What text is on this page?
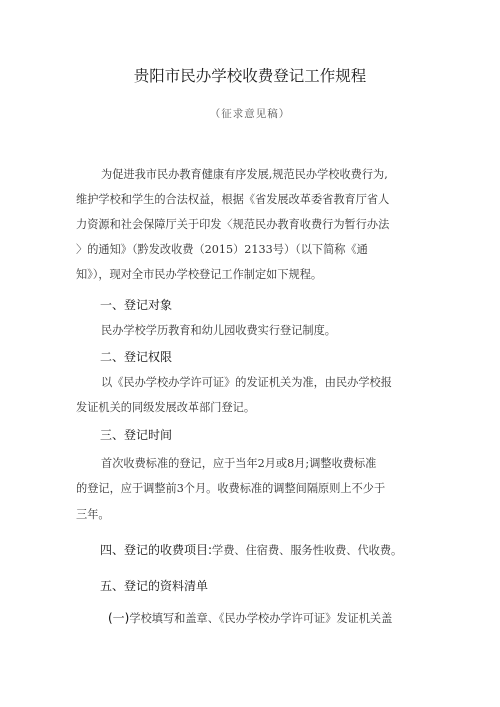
贵阳市民办学校收费登记工作规程
（征求意见稿）
为促进我市民办教育健康有序发展,规范民办学校收费行为,
维护学校和学生的合法权益，根据《省发展改革委省教育厅省人
力资源和社会保障厅关于印发〈规范民办教育收费行为暂行办法
〉的通知》（黔发改收费（2015）2133号）（以下简称《通
知》），现对全市民办学校登记工作制定如下规程。
一、登记对象
民办学校学历教育和幼儿园收费实行登记制度。
二、登记权限
以《民办学校办学许可证》的发证机关为准，由民办学校报
发证机关的同级发展改革部门登记。
三、登记时间
首次收费标准的登记，应于当年2月或8月;调整收费标准
的登记，应于调整前3个月。收费标准的调整间隔原则上不少于
三年。
四、登记的收费项目:学费、住宿费、服务性收费、代收费。
五、登记的资料清单
(一)学校填写和盖章、《民办学校办学许可证》发证机关盖
